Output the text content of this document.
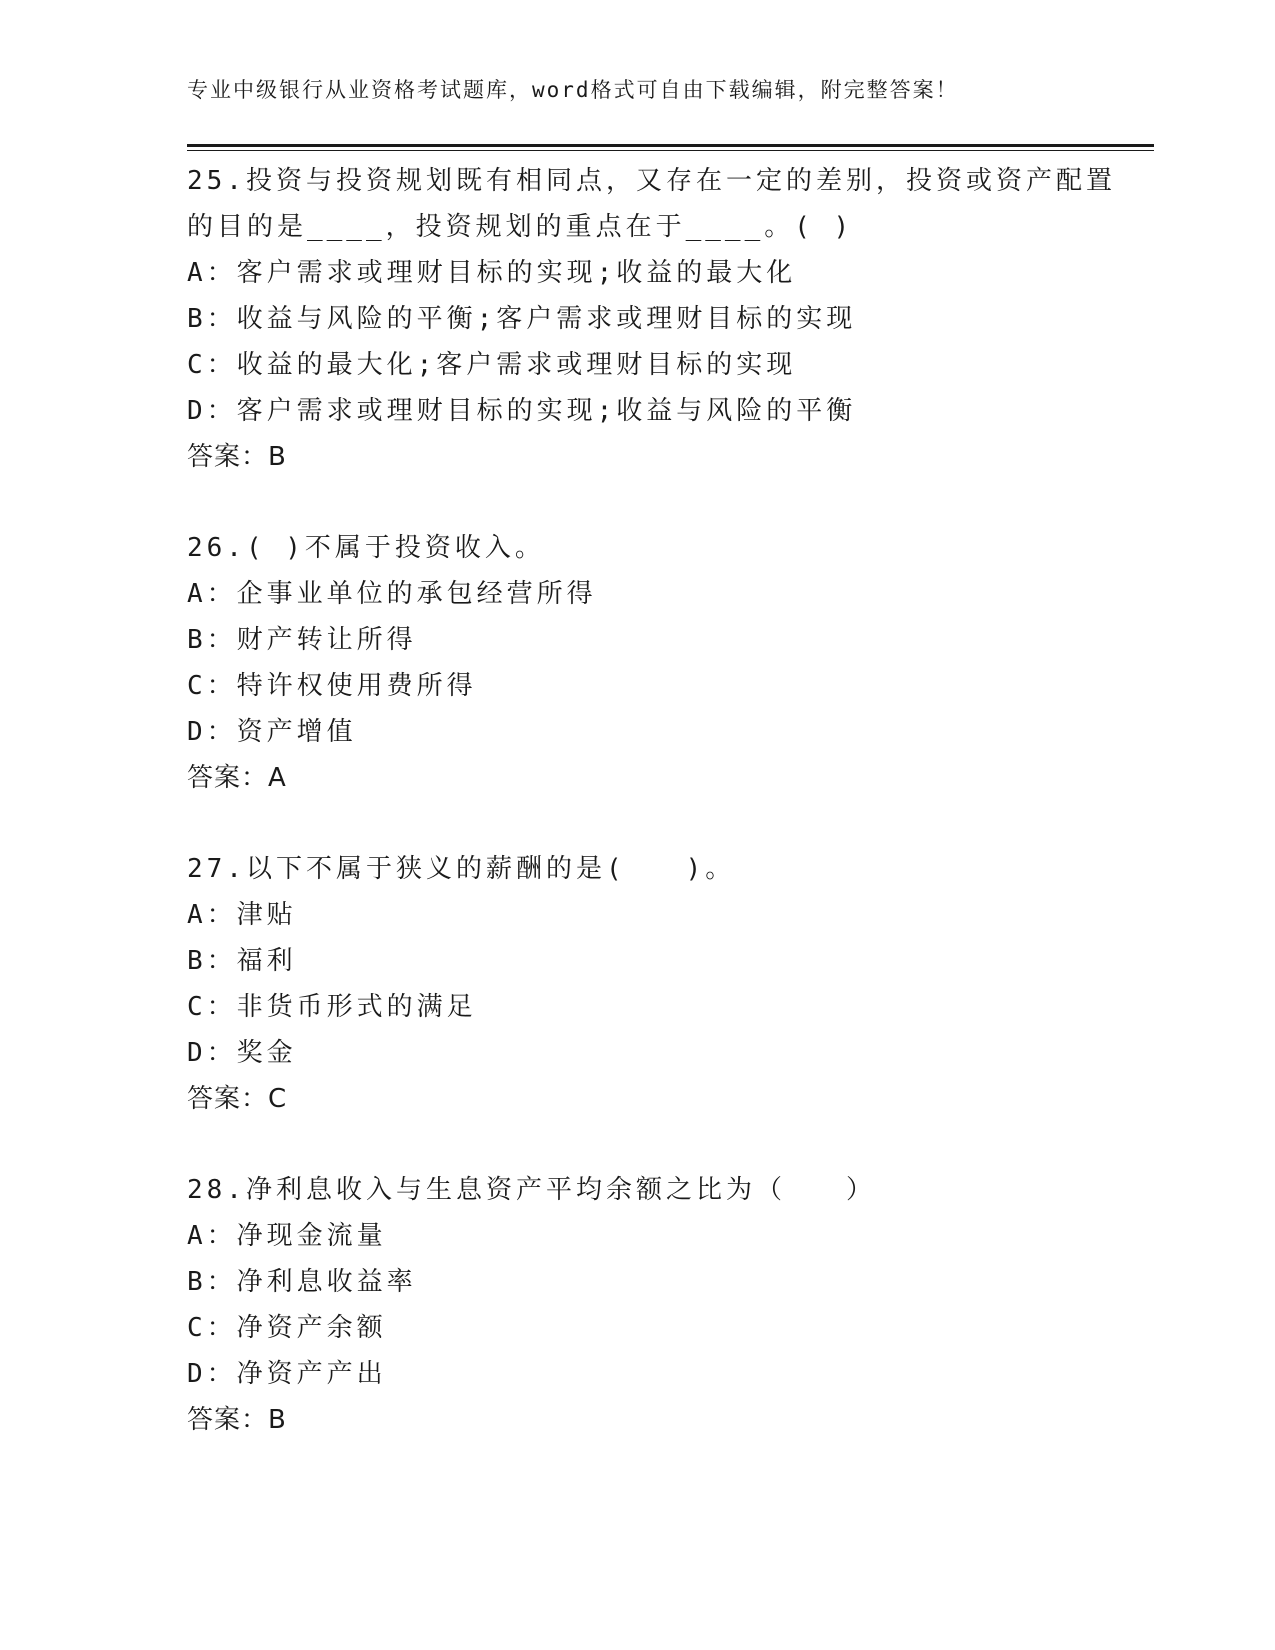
专业中级银行从业资格考试题库，word格式可自由下载编辑，附完整答案！
25.投资与投资规划既有相同点，又存在一定的差别，投资或资产配置
的目的是____，投资规划的重点在于____。( )
A：客户需求或理财目标的实现;收益的最大化
B：收益与风险的平衡;客户需求或理财目标的实现
C：收益的最大化;客户需求或理财目标的实现
D：客户需求或理财目标的实现;收益与风险的平衡
答案：B
26.( )不属于投资收入。
A：企事业单位的承包经营所得
B：财产转让所得
C：特许权使用费所得
D：资产增值
答案：A
27.以下不属于狭义的薪酬的是(　　)。
A：津贴
B：福利
C：非货币形式的满足
D：奖金
答案：C
28.净利息收入与生息资产平均余额之比为（　　）
A：净现金流量
B：净利息收益率
C：净资产余额
D：净资产产出
答案：B
